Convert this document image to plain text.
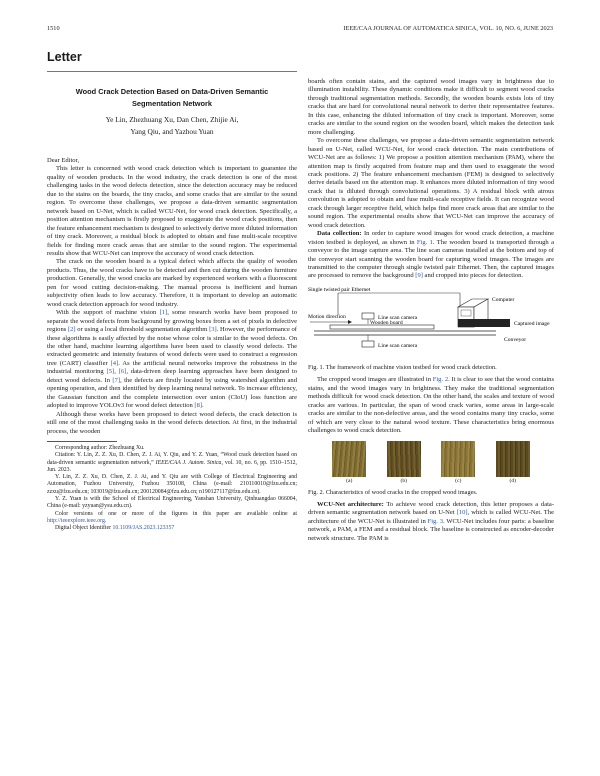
1510	IEEE/CAA JOURNAL OF AUTOMATICA SINICA, VOL. 10, NO. 6, JUNE 2023
Letter
Wood Crack Detection Based on Data-Driven Semantic Segmentation Network
Ye Lin, Zhezhuang Xu, Dan Chen, Zhijie Ai,
Yang Qiu, and Yazhou Yuan

Dear Editor,

This letter is concerned with wood crack detection which is important to guarantee the quality of wooden products. In the wood industry, the crack detection is one of the most challenging tasks in the wood defects detection, since the detection accuracy may be reduced due to the stains on the boards, the tiny cracks, and some cracks that are similar to the sound region. To overcome these challenges, we propose a data-driven semantic segmentation network based on U-Net, which is called WCU-Net, for wood crack detection. Specifically, a position attention mechanism is firstly proposed to exaggerate the wood crack positions, then the feature enhancement mechanism is designed to selectively derive more diluted information of tiny crack. Moreover, a residual block is adopted to obtain and fuse multi-scale receptive fields for finding more crack areas that are similar to the sound region. The experimental results show that WCU-Net can improve the accuracy of wood crack detection.

The crack on the wooden board is a typical defect which affects the quality of wooden products. Thus, the wood cracks have to be detected and then cut during the wooden furniture production. Generally, the wood cracks are marked by experienced workers with a fluorescent pen for wood cutting decision-making. The manual process is inefficient and human subjectivity often leads to low accuracy. Therefore, it is important to develop an automatic wood crack detection approach for wood industry.

With the support of machine vision [1], some research works have been proposed to separate the wood defects from background by growing boxes from a set of pixels in defective regions [2] or using a local threshold segmentation algorithm [3]. However, the performance of these algorithms is easily affected by the noise whose color is similar to the wood defects. On the other hand, machine learning algorithms have been used to classify wood defects. The extracted geometric and intensity features of wood defects were used to construct a regression tree (CART) classifier [4]. As the artificial neural networks improve the robustness in the industrial monitoring [5], [6], data-driven deep learning approaches have been designed to detect wood defects. In [7], the defects are firstly located by using watershed algorithm and opening operation, and then identified by deep learning neural network. To increase efficiency, the Gaussian function and the complete intersection over union (CIoU) loss function are adopted to improve YOLOv3 for wood defect detection [8].

Although these works have been proposed to detect wood defects, the crack detection is still one of the most challenging tasks in the wood defects detection. At first, in the industrial process, the wooden

Corresponding author: Zhezhuang Xu.

Citation: Y. Lin, Z. Z. Xu, D. Chen, Z. J. Ai, Y. Qiu, and Y. Z. Yuan, “Wood crack detection based on data-driven semantic segmentation network,” IEEE/CAA J. Autom. Sinica, vol. 10, no. 6, pp. 1510–1512, Jun. 2023.

Y. Lin, Z. Z. Xu, D. Chen, Z. J. Ai, and Y. Qiu are with College of Electrical Engineering and Automation, Fuzhou University, Fuzhou 350108, China (e-mail: 210110010@fzu.edu.cn; zzxu@fzu.edu.cn; 103019@fzu.edu.cn; 200120084@fzu.edu.cn; n190127117@fzu.edu.cn).

Y. Z. Yuan is with the School of Electrical Engineering, Yanshan University, Qinhuangdao 066004, China (e-mail: yzyuan@ysu.edu.cn).

Color versions of one or more of the figures in this paper are available online at http://ieeexplore.ieee.org.

Digital Object Identifier 10.1109/JAS.2023.123357

boards often contain stains, and the captured wood images vary in brightness due to illumination instability. These dynamic conditions make it difficult to segment wood cracks through traditional segmentation methods. Secondly, the wooden boards exists lots of tiny cracks that are hard for convolutional neural network to derive their representative features. In this case, enhancing the diluted information of tiny crack is important. Moreover, some cracks are similar to the sound region on the wooden board, which makes the detection task more challenging.

To overcome these challenges, we propose a data-driven semantic segmentation network based on U-Net, called WCU-Net, for wood crack detection. The main contributions of WCU-Net are as follows: 1) We propose a position attention mechanism (PAM), where the attention map is firstly acquired from feature map and then used to exaggerate the wood crack positions. 2) The feature enhancement mechanism (FEM) is designed to selectively derive details based on the attention map. It enhances more diluted information of tiny wood crack that is diluted through convolutional operations. 3) A residual block with atrous convolution is adopted to obtain and fuse multi-scale receptive fields. It can recognize wood crack through larger receptive field, which helps find more crack areas that are similar to the sound region. The experimental results show that WCU-Net can improve the accuracy of wood crack detection.

Data collection: In order to capture wood images for wood crack detection, a machine vision testbed is deployed, as shown in Fig. 1. The wooden board is transported through a conveyor to the image capture area. The line scan cameras installed at the bottom and top of the conveyor start scanning the wooden board for capturing wood images. The images are transmitted to the computer through single twisted pair Ethernet. Then, the captured images are processed to remove the background [9] and cropped into pieces for detection.

Single twisted pair Ethernet
Computer
Motion direction	Line scan camera
Wooden board	Captured image
Conveyor
Line scan camera
Fig. 1. The framework of machine vision testbed for wood crack detection.

The cropped wood images are illustrated in Fig. 2. It is clear to see that the wood contains stains, and the wood images vary in brightness. They make the traditional segmentation methods difficult for wood crack detection. On the other hand, the scales and texture of wood cracks are various. In particular, the span of wood crack varies, some areas in large-scale cracks are similar to the non-defective areas, and the wood contains many tiny cracks, some of which are very close to the natural wood texture. These characteristics bring enormous challenges to wood crack detection.

(a)	(b)	(c)	(d)
Fig. 2. Characteristics of wood cracks in the cropped wood images.

WCU-Net architecture: To achieve wood crack detection, this letter proposes a data-driven semantic segmentation network based on U-Net [10], which is called WCU-Net. The architecture of the WCU-Net is illustrated in Fig. 3. WCU-Net includes four parts: a baseline network, a PAM, a FEM and a residual block. The baseline is constructed as encoder-decoder network structure. The PAM is
